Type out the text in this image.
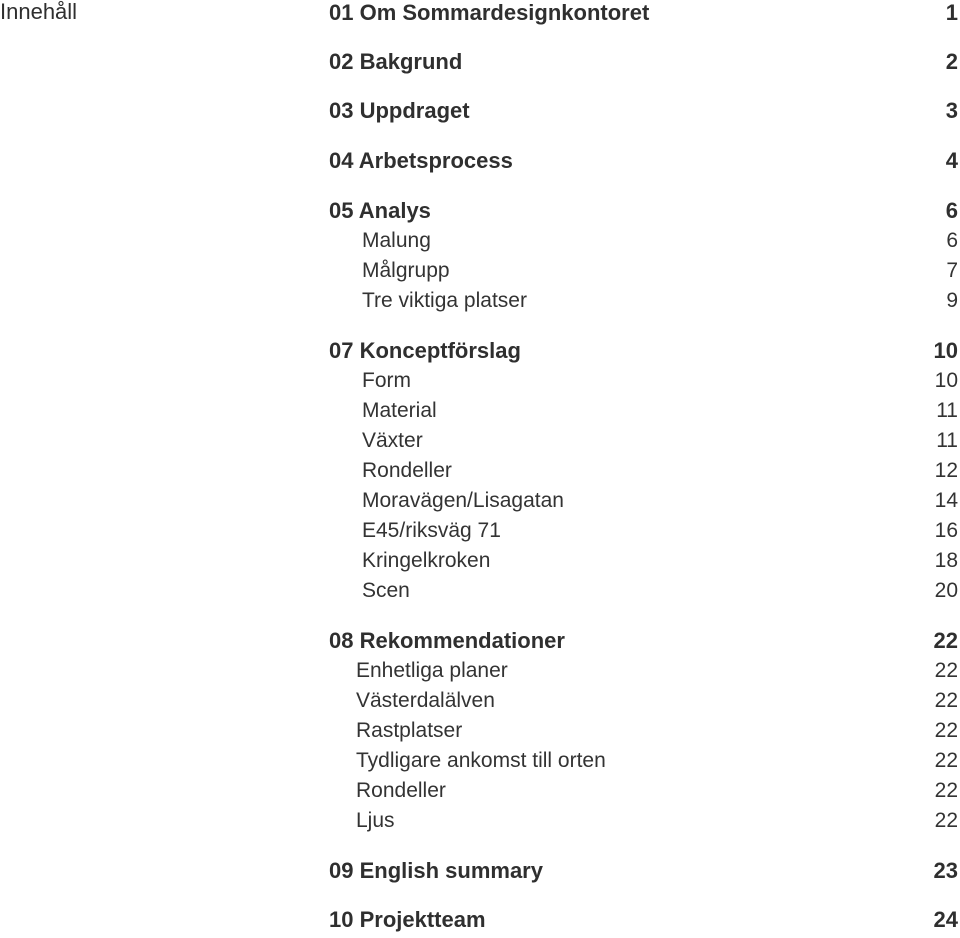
Innehåll	01 Om Sommardesignkontoret	1
02 Bakgrund	2
03 Uppdraget	3
04 Arbetsprocess	4
05 Analys	6
Malung	6
Målgrupp	7
Tre viktiga platser	9
07 Konceptförslag	10
Form	10
Material	11
Växter	11
Rondeller	12
Moravägen/Lisagatan	14
E45/riksväg 71	16
Kringelkroken	18
Scen	20
08 Rekommendationer	22
Enhetliga planer	22
Västerdalälven	22
Rastplatser	22
Tydligare ankomst till orten	22
Rondeller	22
Ljus	22
09 English summary	23
10 Projektteam	24
